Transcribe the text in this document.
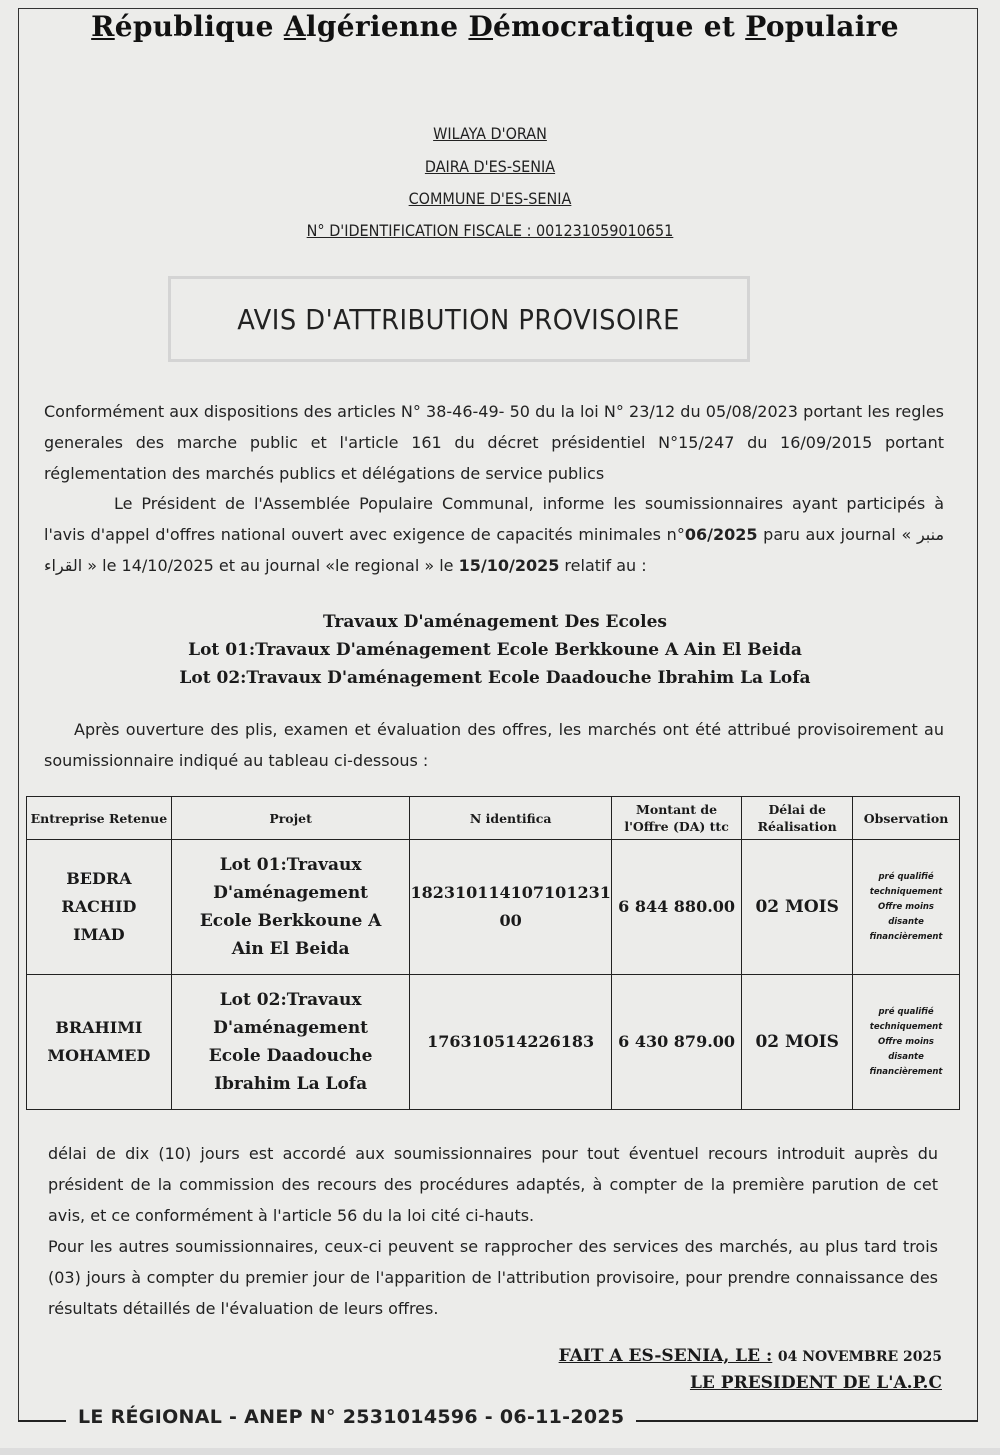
République Algérienne Démocratique et Populaire
WILAYA D'ORAN
DAIRA D'ES-SENIA
COMMUNE D'ES-SENIA
N° D'IDENTIFICATION FISCALE : 001231059010651
AVIS D'ATTRIBUTION PROVISOIRE
Conformément aux dispositions des articles N° 38-46-49- 50 du la loi N° 23/12 du 05/08/2023 portant les regles generales des marche public et l'article 161 du décret présidentiel N°15/247 du 16/09/2015 portant réglementation des marchés publics et délégations de service publics
Le Président de l'Assemblée Populaire Communal, informe les soumissionnaires ayant participés à l'avis d'appel d'offres national ouvert avec exigence de capacités minimales n°06/2025 paru aux journal « منبر القراء » le 14/10/2025 et au journal «le regional » le 15/10/2025 relatif au :
Travaux D'aménagement Des Ecoles
Lot 01:Travaux D'aménagement Ecole Berkkoune A Ain El Beida
Lot 02:Travaux D'aménagement Ecole Daadouche Ibrahim La Lofa
Après ouverture des plis, examen et évaluation des offres, les marchés ont été attribué provisoirement au soumissionnaire indiqué au tableau ci-dessous :
Entreprise Retenue	Projet	N identifica	Montant de l'Offre (DA) ttc	Délai de Réalisation	Observation
BEDRA RACHID IMAD	Lot 01:Travaux D'aménagement Ecole Berkkoune A Ain El Beida	182310114107101231​00	6 844 880.00	02 MOIS	pré qualifié techniquement Offre moins disante financièrement
BRAHIMI MOHAMED	Lot 02:Travaux D'aménagement Ecole Daadouche Ibrahim La Lofa	176310514226183	6 430 879.00	02 MOIS	pré qualifié techniquement Offre moins disante financièrement
délai de dix (10) jours est accordé aux soumissionnaires pour tout éventuel recours introduit auprès du président de la commission des recours des procédures adaptés, à compter de la première parution de cet avis, et ce conformément à l'article 56 du la loi cité ci-hauts.
Pour les autres soumissionnaires, ceux-ci peuvent se rapprocher des services des marchés, au plus tard trois (03) jours à compter du premier jour de l'apparition de l'attribution provisoire, pour prendre connaissance des résultats détaillés de l'évaluation de leurs offres.
FAIT A ES-SENIA, LE : 04 NOVEMBRE 2025
LE PRESIDENT DE L'A.P.C
LE RÉGIONAL - ANEP N° 2531014596 - 06-11-2025
